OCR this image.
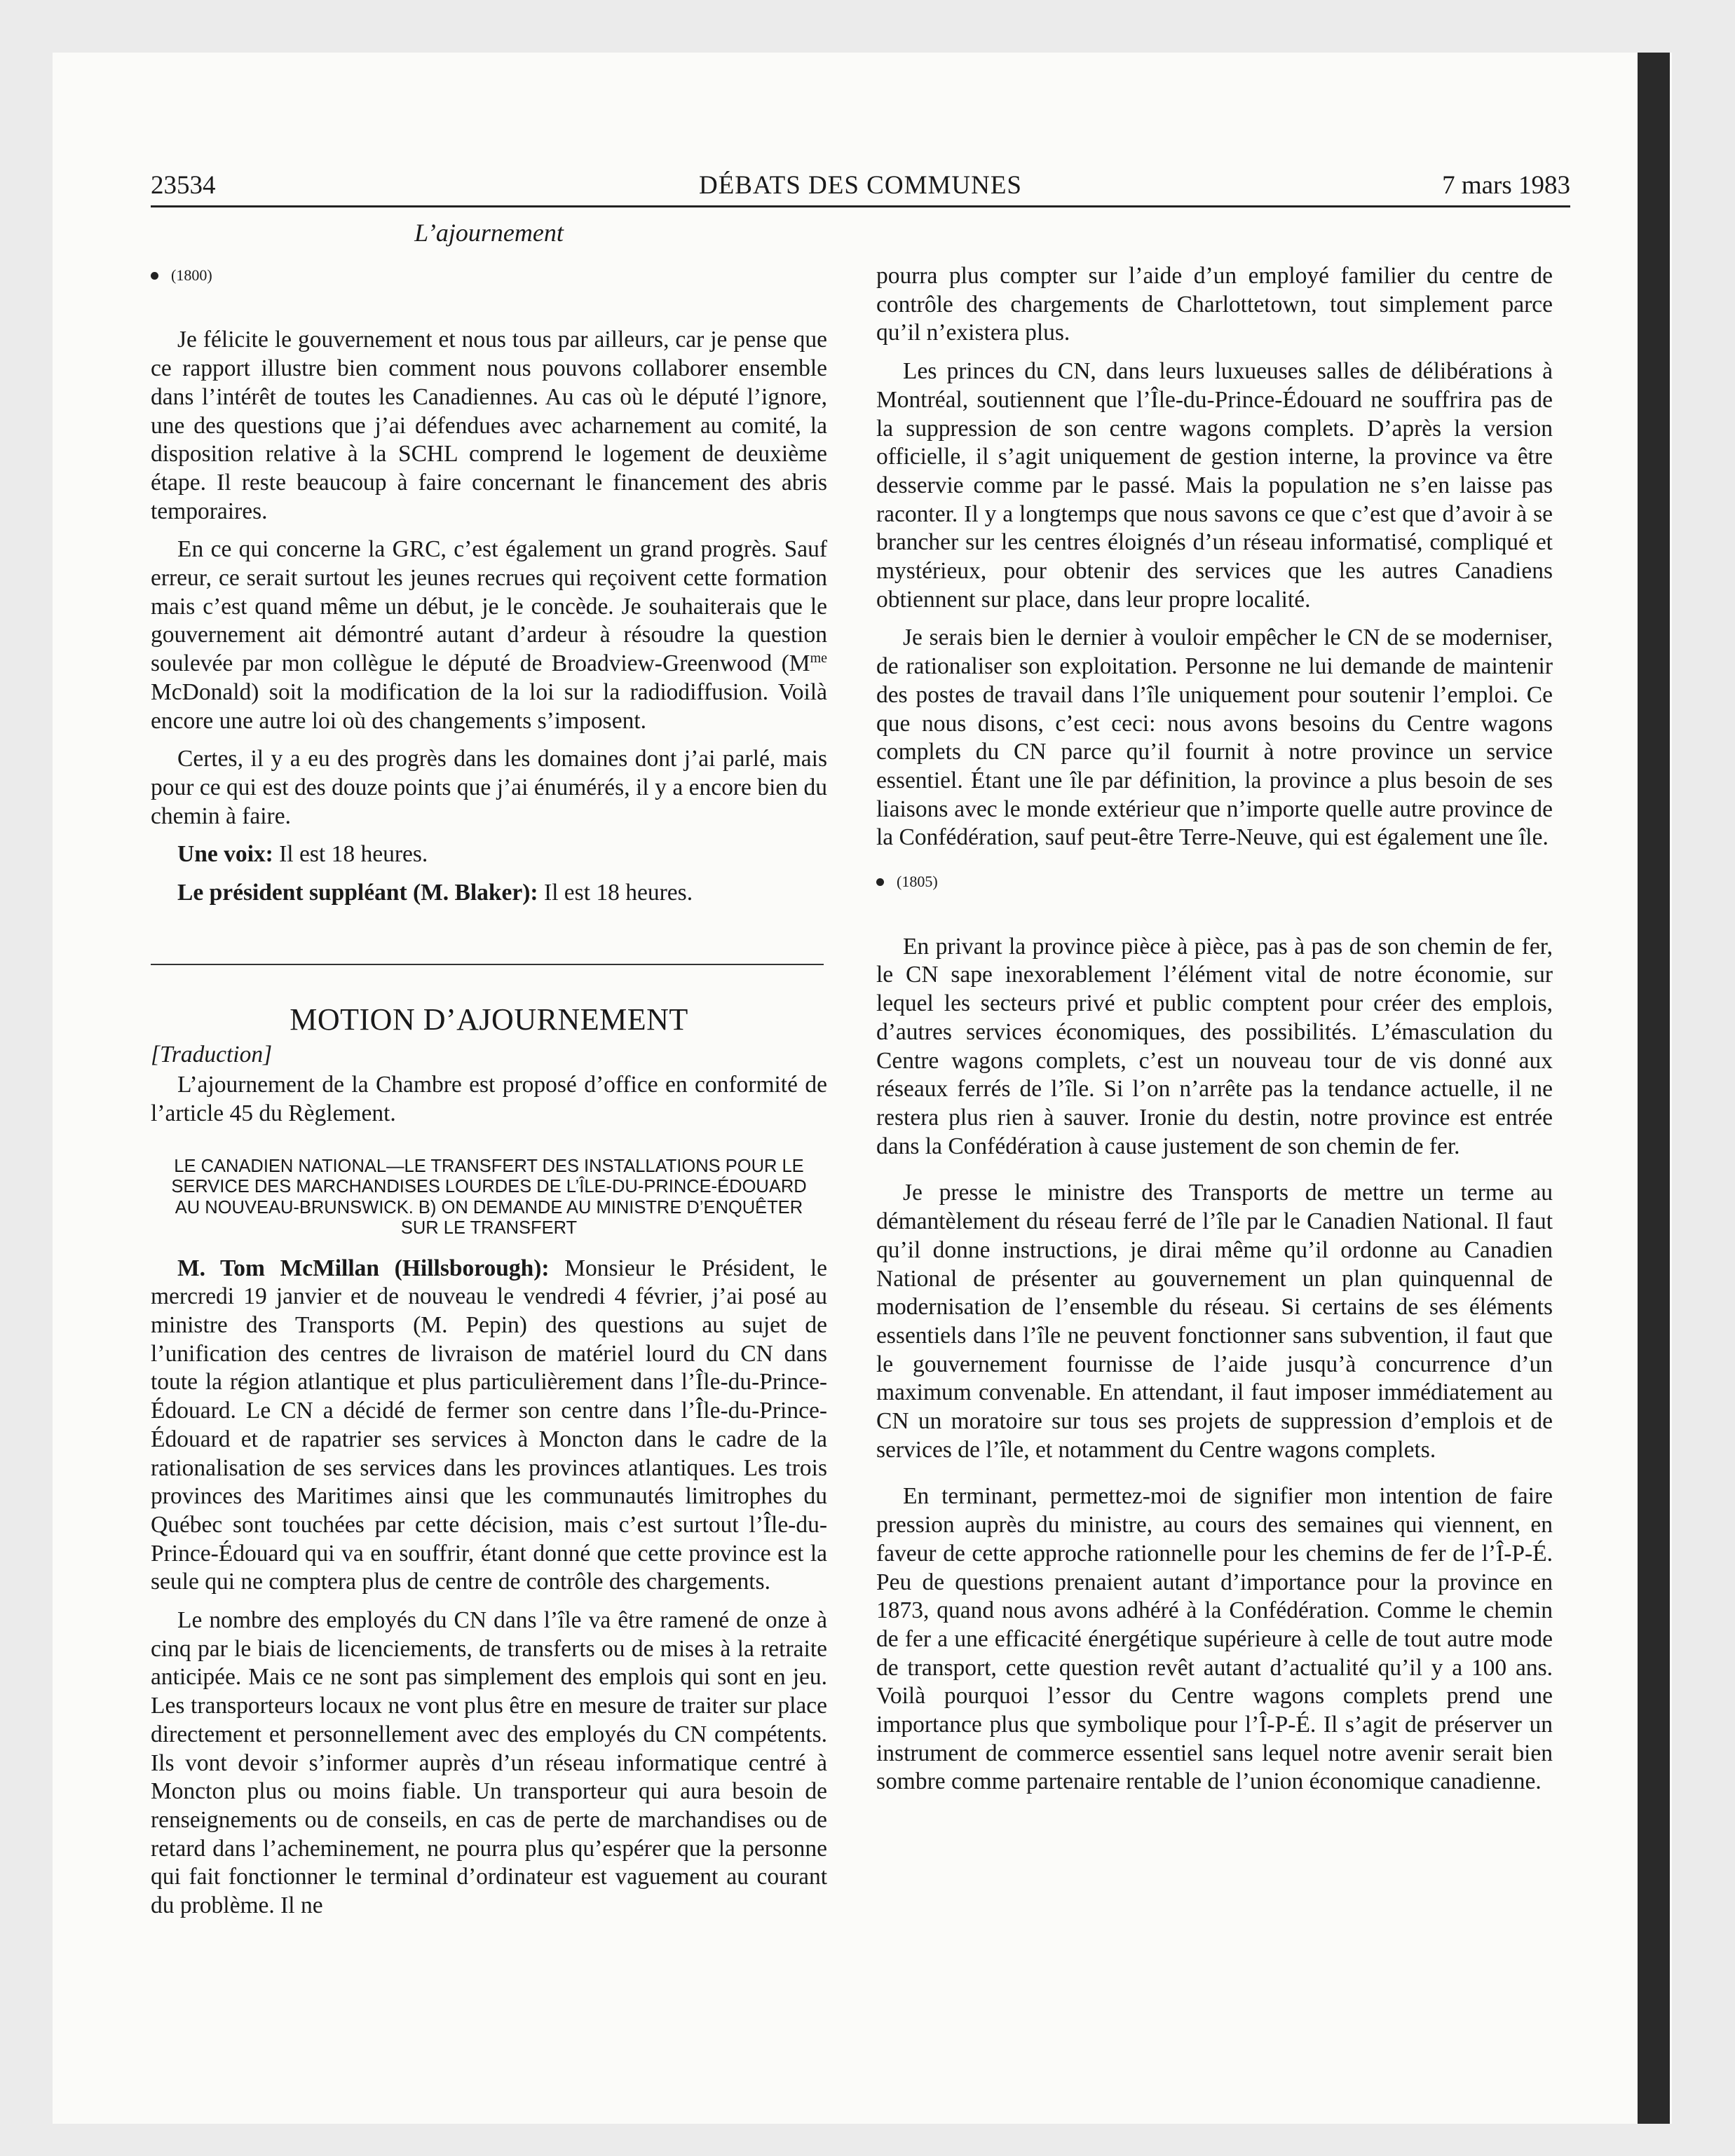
23534	DÉBATS DES COMMUNES	7 mars 1983
L’ajournement
(1800)

Je félicite le gouvernement et nous tous par ailleurs, car je pense que ce rapport illustre bien comment nous pouvons collaborer ensemble dans l’intérêt de toutes les Canadiennes. Au cas où le député l’ignore, une des questions que j’ai défendues avec acharnement au comité, la disposition relative à la SCHL comprend le logement de deuxième étape. Il reste beaucoup à faire concernant le financement des abris temporaires.

En ce qui concerne la GRC, c’est également un grand progrès. Sauf erreur, ce serait surtout les jeunes recrues qui reçoivent cette formation mais c’est quand même un début, je le concède. Je souhaiterais que le gouvernement ait démontré autant d’ardeur à résoudre la question soulevée par mon collègue le député de Broadview-Greenwood ($M^{me}$ McDonald) soit la modification de la loi sur la radiodiffusion. Voilà encore une autre loi où des changements s’imposent.

Certes, il y a eu des progrès dans les domaines dont j’ai parlé, mais pour ce qui est des douze points que j’ai énumérés, il y a encore bien du chemin à faire.

Une voix: Il est 18 heures.

Le président suppléant (M. Blaker): Il est 18 heures.

MOTION D’AJOURNEMENT

[Traduction]

L’ajournement de la Chambre est proposé d’office en conformité de l’article 45 du Règlement.

LE CANADIEN NATIONAL—LE TRANSFERT DES INSTALLATIONS POUR LE SERVICE DES MARCHANDISES LOURDES DE L’ÎLE-DU-PRINCE-ÉDOUARD AU NOUVEAU-BRUNSWICK. B) ON DEMANDE AU MINISTRE D’ENQUÊTER SUR LE TRANSFERT

M. Tom McMillan (Hillsborough): Monsieur le Président, le mercredi 19 janvier et de nouveau le vendredi 4 février, j’ai posé au ministre des Transports (M. Pepin) des questions au sujet de l’unification des centres de livraison de matériel lourd du CN dans toute la région atlantique et plus particulièrement dans l’Île-du-Prince-Édouard. Le CN a décidé de fermer son centre dans l’Île-du-Prince-Édouard et de rapatrier ses services à Moncton dans le cadre de la rationalisation de ses services dans les provinces atlantiques. Les trois provinces des Maritimes ainsi que les communautés limitrophes du Québec sont touchées par cette décision, mais c’est surtout l’Île-du-Prince-Édouard qui va en souffrir, étant donné que cette province est la seule qui ne comptera plus de centre de contrôle des chargements.

Le nombre des employés du CN dans l’île va être ramené de onze à cinq par le biais de licenciements, de transferts ou de mises à la retraite anticipée. Mais ce ne sont pas simplement des emplois qui sont en jeu. Les transporteurs locaux ne vont plus être en mesure de traiter sur place directement et personnellement avec des employés du CN compétents. Ils vont devoir s’informer auprès d’un réseau informatique centré à Moncton plus ou moins fiable. Un transporteur qui aura besoin de renseignements ou de conseils, en cas de perte de marchandises ou de retard dans l’acheminement, ne pourra plus qu’espérer que la personne qui fait fonctionner le terminal d’ordinateur est vaguement au courant du problème. Il ne

pourra plus compter sur l’aide d’un employé familier du centre de contrôle des chargements de Charlottetown, tout simplement parce qu’il n’existera plus.

Les princes du CN, dans leurs luxueuses salles de délibérations à Montréal, soutiennent que l’Île-du-Prince-Édouard ne souffrira pas de la suppression de son centre wagons complets. D’après la version officielle, il s’agit uniquement de gestion interne, la province va être desservie comme par le passé. Mais la population ne s’en laisse pas raconter. Il y a longtemps que nous savons ce que c’est que d’avoir à se brancher sur les centres éloignés d’un réseau informatisé, compliqué et mystérieux, pour obtenir des services que les autres Canadiens obtiennent sur place, dans leur propre localité.

Je serais bien le dernier à vouloir empêcher le CN de se moderniser, de rationaliser son exploitation. Personne ne lui demande de maintenir des postes de travail dans l’île uniquement pour soutenir l’emploi. Ce que nous disons, c’est ceci: nous avons besoins du Centre wagons complets du CN parce qu’il fournit à notre province un service essentiel. Étant une île par définition, la province a plus besoin de ses liaisons avec le monde extérieur que n’importe quelle autre province de la Confédération, sauf peut-être Terre-Neuve, qui est également une île.

(1805)

En privant la province pièce à pièce, pas à pas de son chemin de fer, le CN sape inexorablement l’élément vital de notre économie, sur lequel les secteurs privé et public comptent pour créer des emplois, d’autres services économiques, des possibilités. L’émasculation du Centre wagons complets, c’est un nouveau tour de vis donné aux réseaux ferrés de l’île. Si l’on n’arrête pas la tendance actuelle, il ne restera plus rien à sauver. Ironie du destin, notre province est entrée dans la Confédération à cause justement de son chemin de fer.

Je presse le ministre des Transports de mettre un terme au démantèlement du réseau ferré de l’île par le Canadien National. Il faut qu’il donne instructions, je dirai même qu’il ordonne au Canadien National de présenter au gouvernement un plan quinquennal de modernisation de l’ensemble du réseau. Si certains de ses éléments essentiels dans l’île ne peuvent fonctionner sans subvention, il faut que le gouvernement fournisse de l’aide jusqu’à concurrence d’un maximum convenable. En attendant, il faut imposer immédiatement au CN un moratoire sur tous ses projets de suppression d’emplois et de services de l’île, et notamment du Centre wagons complets.

En terminant, permettez-moi de signifier mon intention de faire pression auprès du ministre, au cours des semaines qui viennent, en faveur de cette approche rationnelle pour les chemins de fer de l’Î-P-É. Peu de questions prenaient autant d’importance pour la province en 1873, quand nous avons adhéré à la Confédération. Comme le chemin de fer a une efficacité énergétique supérieure à celle de tout autre mode de transport, cette question revêt autant d’actualité qu’il y a 100 ans. Voilà pourquoi l’essor du Centre wagons complets prend une importance plus que symbolique pour l’Î-P-É. Il s’agit de préserver un instrument de commerce essentiel sans lequel notre avenir serait bien sombre comme partenaire rentable de l’union économique canadienne.
